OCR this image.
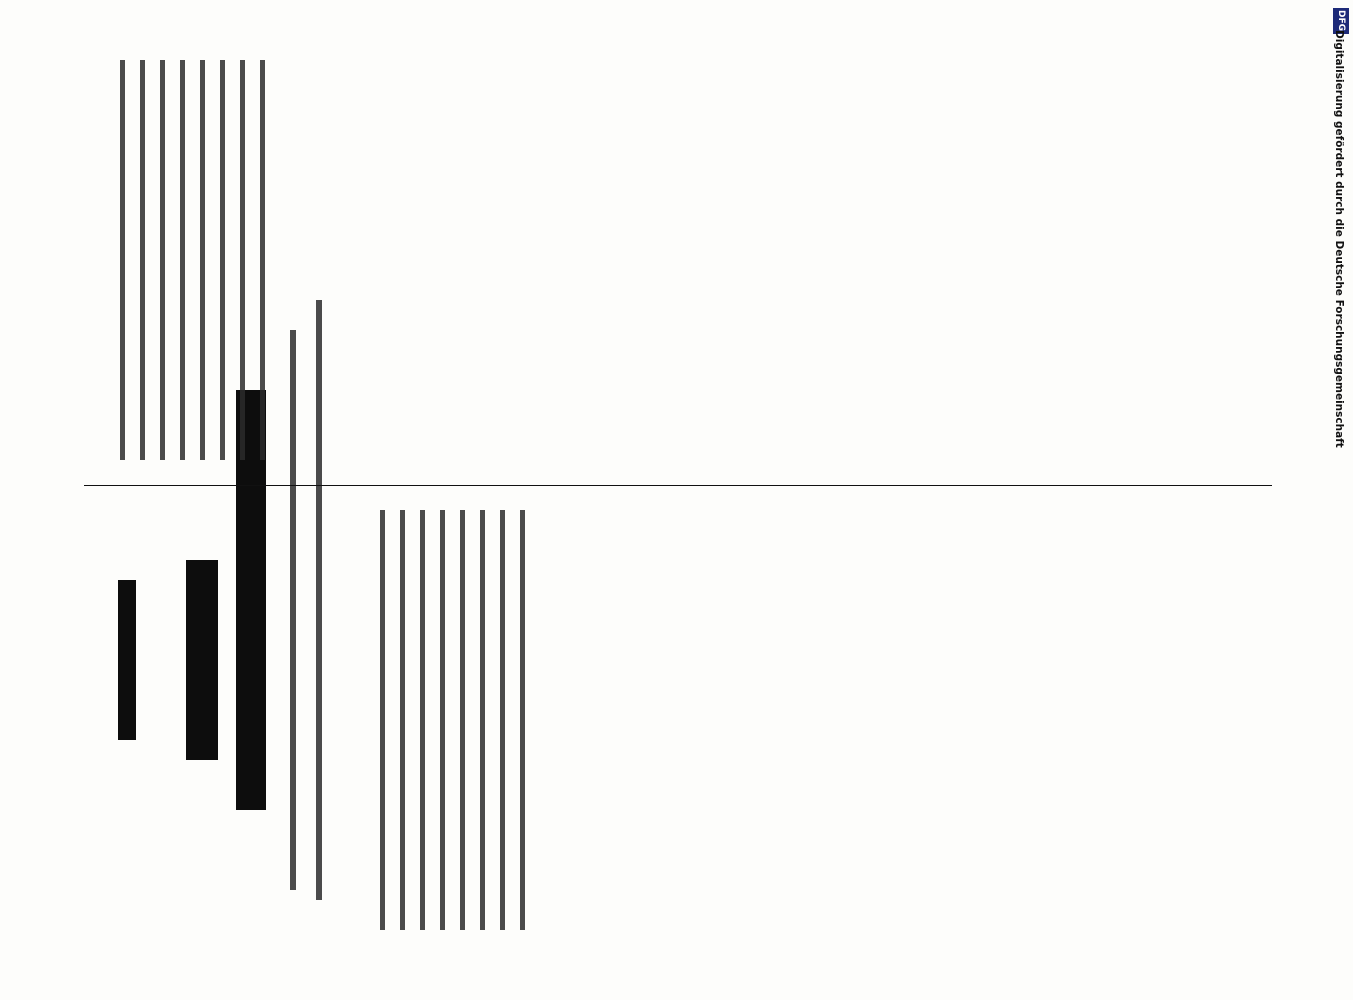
DFG
Digitalisierung gefördert durch die Deutsche Forschungsgemeinschaft
